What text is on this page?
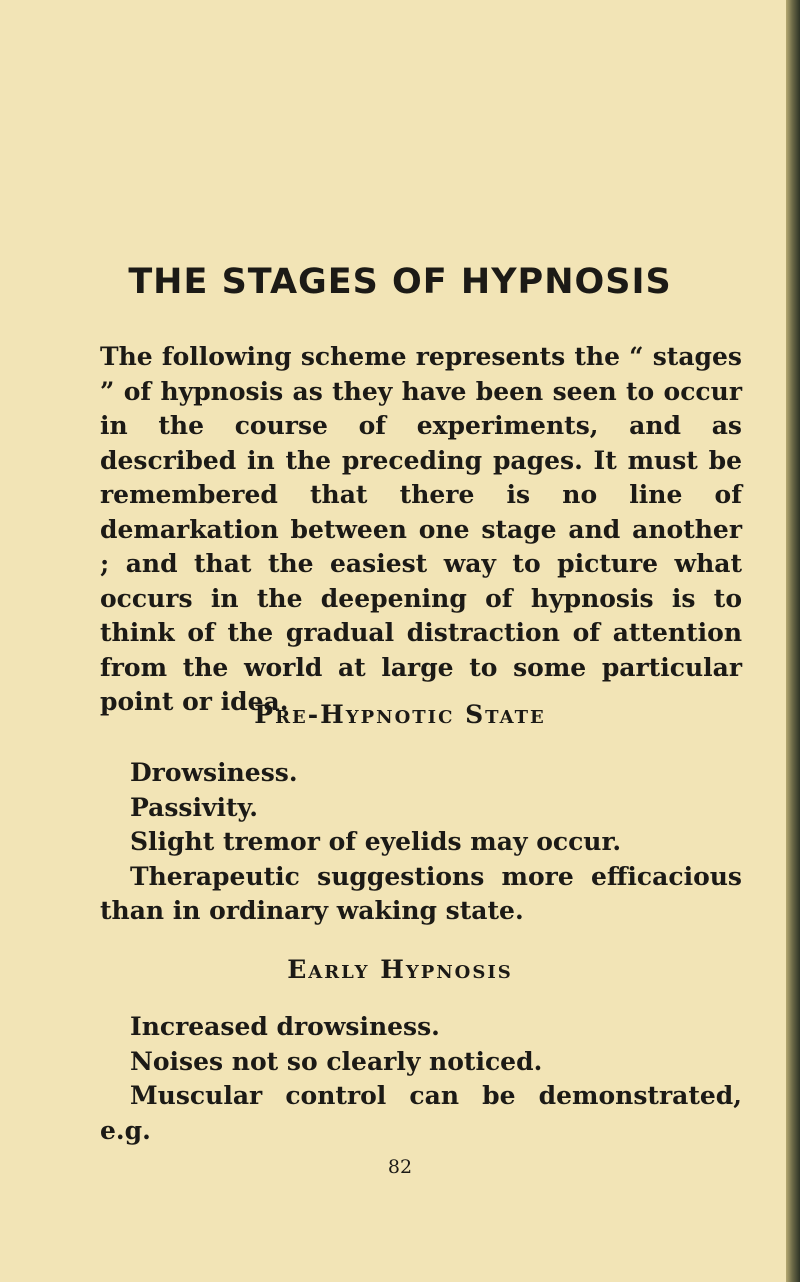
THE STAGES OF HYPNOSIS

The following scheme represents the “ stages ” of hypnosis as they have been seen to occur in the course of experiments, and as described in the preceding pages. It must be remembered that there is no line of demarkation between one stage and another ; and that the easiest way to picture what occurs in the deepening of hypnosis is to think of the gradual distraction of attention from the world at large to some particular point or idea.

Pre-Hypnotic State
Drowsiness.
Passivity.
Slight tremor of eyelids may occur.
Therapeutic suggestions more efficacious than in ordinary waking state.
Early Hypnosis
Increased drowsiness.
Noises not so clearly noticed.
Muscular control can be demonstrated, e.g.
82
